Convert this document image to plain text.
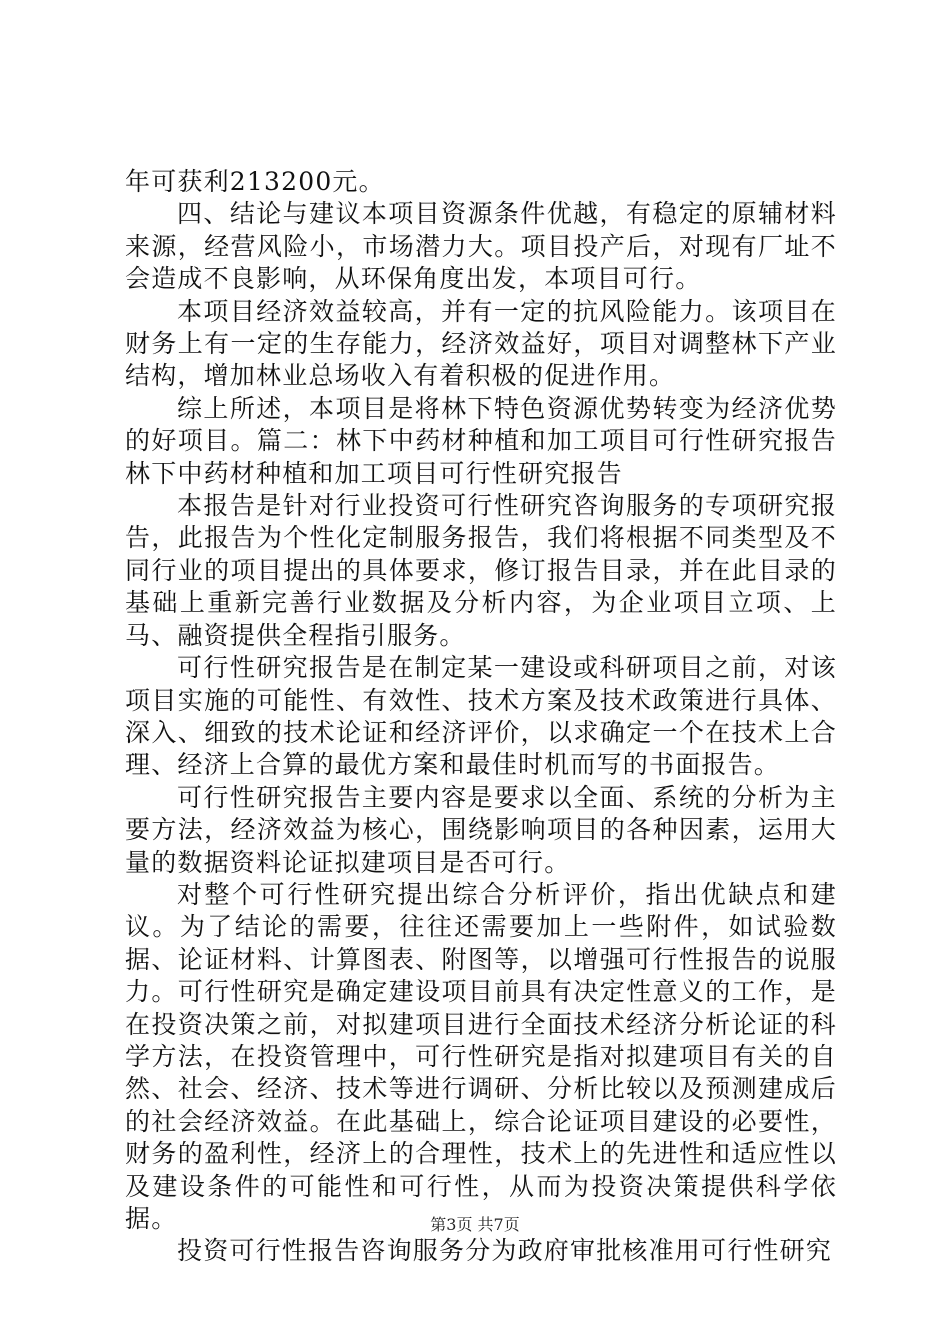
年可获利213200元。

四、结论与建议本项目资源条件优越，有稳定的原辅材料来源，经营风险小，市场潜力大。项目投产后，对现有厂址不会造成不良影响，从环保角度出发，本项目可行。

本项目经济效益较高，并有一定的抗风险能力。该项目在财务上有一定的生存能力，经济效益好，项目对调整林下产业结构，增加林业总场收入有着积极的促进作用。

综上所述，本项目是将林下特色资源优势转变为经济优势的好项目。篇二：林下中药材种植和加工项目可行性研究报告林下中药材种植和加工项目可行性研究报告

本报告是针对行业投资可行性研究咨询服务的专项研究报告，此报告为个性化定制服务报告，我们将根据不同类型及不同行业的项目提出的具体要求，修订报告目录，并在此目录的基础上重新完善行业数据及分析内容，为企业项目立项、上马、融资提供全程指引服务。

可行性研究报告是在制定某一建设或科研项目之前，对该项目实施的可能性、有效性、技术方案及技术政策进行具体、深入、细致的技术论证和经济评价，以求确定一个在技术上合理、经济上合算的最优方案和最佳时机而写的书面报告。

可行性研究报告主要内容是要求以全面、系统的分析为主要方法，经济效益为核心，围绕影响项目的各种因素，运用大量的数据资料论证拟建项目是否可行。

对整个可行性研究提出综合分析评价，指出优缺点和建议。为了结论的需要，往往还需要加上一些附件，如试验数据、论证材料、计算图表、附图等，以增强可行性报告的说服力。可行性研究是确定建设项目前具有决定性意义的工作，是在投资决策之前，对拟建项目进行全面技术经济分析论证的科学方法，在投资管理中，可行性研究是指对拟建项目有关的自然、社会、经济、技术等进行调研、分析比较以及预测建成后的社会经济效益。在此基础上，综合论证项目建设的必要性，财务的盈利性，经济上的合理性，技术上的先进性和适应性以及建设条件的可能性和可行性，从而为投资决策提供科学依据。

投资可行性报告咨询服务分为政府审批核准用可行性研究

第3页 共7页
